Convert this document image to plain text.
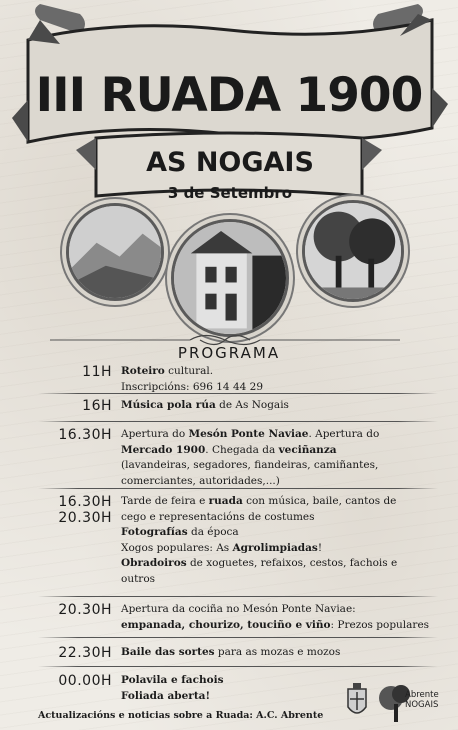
III RUADA 1900
AS NOGAIS
3 de Setembro
PROGRAMA
11H Roteiro cultural.
Inscripcións: 696 14 44 29
16H Música pola rúa de As Nogais
16.30H Apertura do Mesón Ponte Naviae. Apertura do
Mercado 1900. Chegada da veciñanza
(lavandeiras, segadores, fiandeiras, camiñantes,
comerciantes, autoridades,...)
16.30H
20.30H
Tarde de feira e ruada con música, baile, cantos de
cego e representacións de costumes
Fotografías da época
Xogos populares: As Agrolimpiadas!
Obradoiros de xoguetes, refaixos, cestos, fachois e
outros
20.30H Apertura da cociña no Mesón Ponte Naviae:
empanada, chourizo, touciño e viño: Prezos populares
22.30H Baile das sortes para as mozas e mozos
00.00H Polavila e fachois
Foliada aberta!
Actualizacións e noticias sobre a Ruada: A.C. Abrente
Abrente NOGAIS
